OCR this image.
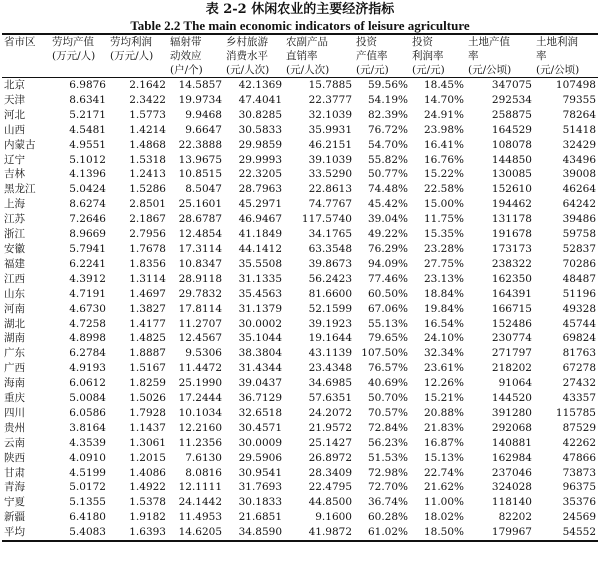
表 2-2 休闲农业的主要经济指标
Table 2.2 The main economic indicators of leisure agriculture
省市区	劳均产值	劳均利润	辐射带	乡村旅游	农副产品	投资	投资	土地产值	土地利润
	(万元/人)	(万元/人)	动效应	消费水平	直销率	产值率	利润率	率	率
			(户/个)	(元/人次)	(元/人次)	(元/元)	(元/元)	(元/公顷)	(元/公顷)
北京	6.9876	2.1642	14.5857	42.1369	15.7885	59.56%	18.45%	347075	107498
天津	8.6341	2.3422	19.9734	47.4041	22.3777	54.19%	14.70%	292534	79355
河北	5.2171	1.5773	9.9468	30.8285	32.1039	82.39%	24.91%	258875	78264
山西	4.5481	1.4214	9.6647	30.5833	35.9931	76.72%	23.98%	164529	51418
内蒙古	4.9551	1.4868	22.3888	29.9859	46.2151	54.70%	16.41%	108078	32429
辽宁	5.1012	1.5318	13.9675	29.9993	39.1039	55.82%	16.76%	144850	43496
吉林	4.1396	1.2413	10.8515	22.3205	33.5290	50.77%	15.22%	130085	39008
黑龙江	5.0424	1.5286	8.5047	28.7963	22.8613	74.48%	22.58%	152610	46264
上海	8.6274	2.8501	25.1601	45.2971	74.7767	45.42%	15.00%	194462	64242
江苏	7.2646	2.1867	28.6787	46.9467	117.5740	39.04%	11.75%	131178	39486
浙江	8.9669	2.7956	12.4854	41.1849	34.1765	49.22%	15.35%	191678	59758
安徽	5.7941	1.7678	17.3114	44.1412	63.3548	76.29%	23.28%	173173	52837
福建	6.2241	1.8356	10.8347	35.5508	39.8673	94.09%	27.75%	238322	70286
江西	4.3912	1.3114	28.9118	31.1335	56.2423	77.46%	23.13%	162350	48487
山东	4.7191	1.4697	29.7832	35.4563	81.6600	60.50%	18.84%	164391	51196
河南	4.6730	1.3827	17.8114	31.1379	52.1599	67.06%	19.84%	166715	49328
湖北	4.7258	1.4177	11.2707	30.0002	39.1923	55.13%	16.54%	152486	45744
湖南	4.8998	1.4825	12.4567	35.1044	19.1644	79.65%	24.10%	230774	69824
广东	6.2784	1.8887	9.5306	38.3804	43.1139	107.50%	32.34%	271797	81763
广西	4.9193	1.5167	11.4472	31.4344	23.4348	76.57%	23.61%	218202	67278
海南	6.0612	1.8259	25.1990	39.0437	34.6985	40.69%	12.26%	91064	27432
重庆	5.0084	1.5026	17.2444	36.7129	57.6351	50.70%	15.21%	144520	43357
四川	6.0586	1.7928	10.1034	32.6518	24.2072	70.57%	20.88%	391280	115785
贵州	3.8164	1.1437	12.2160	30.4571	21.9572	72.84%	21.83%	292068	87529
云南	4.3539	1.3061	11.2356	30.0009	25.1427	56.23%	16.87%	140881	42262
陕西	4.0910	1.2015	7.6130	29.5906	26.8972	51.53%	15.13%	162984	47866
甘肃	4.5199	1.4086	8.0816	30.9541	28.3409	72.98%	22.74%	237046	73873
青海	5.0172	1.4922	12.1111	31.7693	22.4795	72.70%	21.62%	324028	96375
宁夏	5.1355	1.5378	24.1442	30.1833	44.8500	36.74%	11.00%	118140	35376
新疆	6.4180	1.9182	11.4953	21.6851	9.1600	60.28%	18.02%	82202	24569
平均	5.4083	1.6393	14.6205	34.8590	41.9872	61.02%	18.50%	179967	54552
